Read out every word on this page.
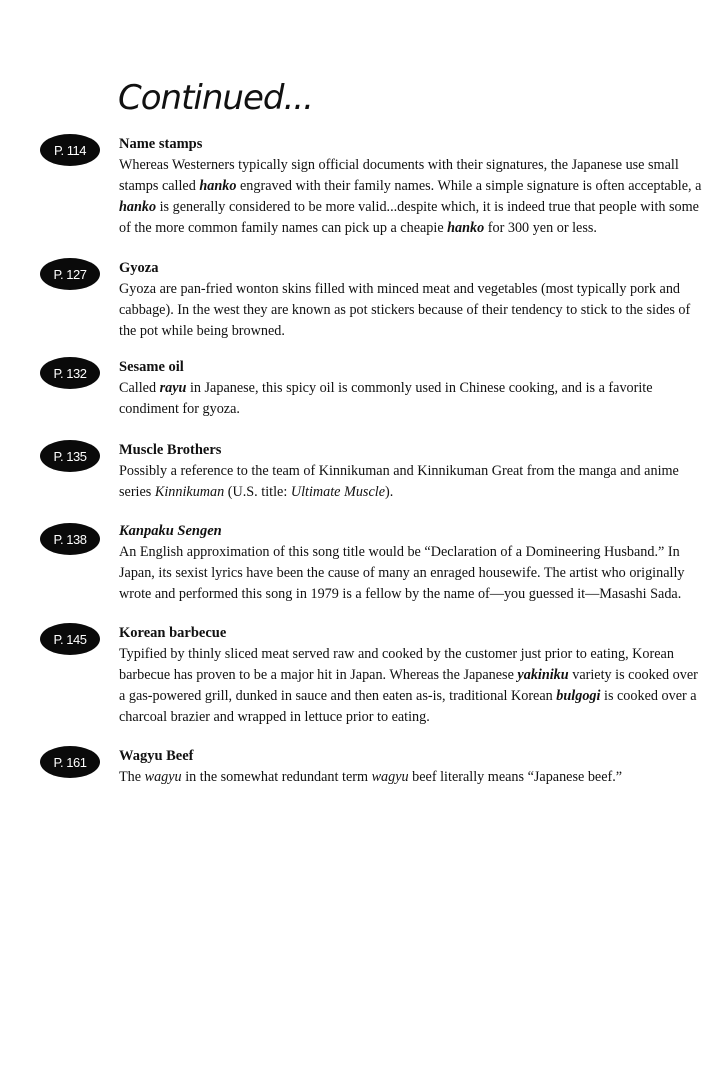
Continued...
P. 114	Name stamps
Whereas Westerners typically sign official documents with their signatures, the Japanese use small stamps called hanko engraved with their family names. While a simple signature is often acceptable, a hanko is generally considered to be more valid...despite which, it is indeed true that people with some of the more common family names can pick up a cheapie hanko for 300 yen or less.
P. 127	Gyoza
Gyoza are pan-fried wonton skins filled with minced meat and vegetables (most typically pork and cabbage). In the west they are known as pot stickers because of their tendency to stick to the sides of the pot while being browned.
P. 132	Sesame oil
Called rayu in Japanese, this spicy oil is commonly used in Chinese cooking, and is a favorite condiment for gyoza.
P. 135	Muscle Brothers
Possibly a reference to the team of Kinnikuman and Kinnikuman Great from the manga and anime series Kinnikuman (U.S. title: Ultimate Muscle).
P. 138	Kanpaku Sengen
An English approximation of this song title would be “Declaration of a Domineering Husband.” In Japan, its sexist lyrics have been the cause of many an enraged housewife. The artist who originally wrote and performed this song in 1979 is a fellow by the name of—you guessed it—Masashi Sada.
P. 145	Korean barbecue
Typified by thinly sliced meat served raw and cooked by the customer just prior to eating, Korean barbecue has proven to be a major hit in Japan. Whereas the Japanese yakiniku variety is cooked over a gas-powered grill, dunked in sauce and then eaten as-is, traditional Korean bulgogi is cooked over a charcoal brazier and wrapped in lettuce prior to eating.
P. 161	Wagyu Beef
The wagyu in the somewhat redundant term wagyu beef literally means “Japanese beef.”
